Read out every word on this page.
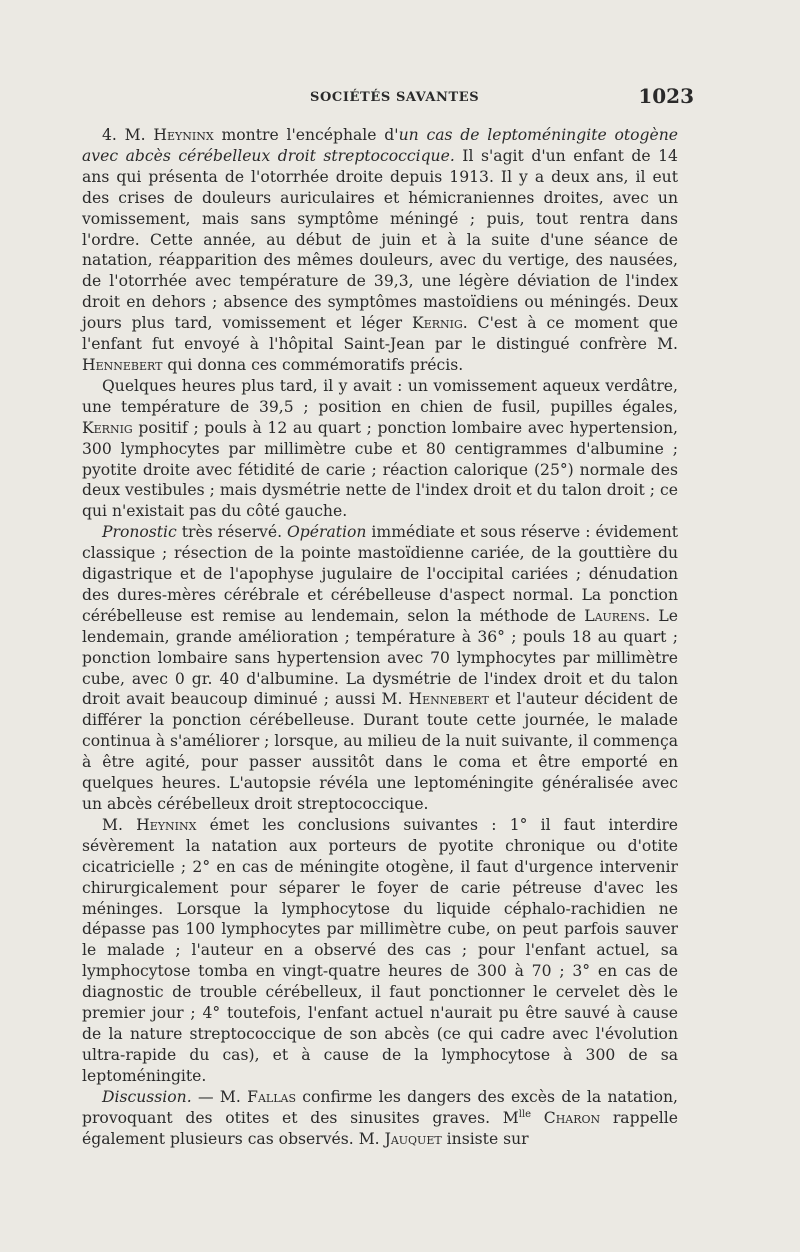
SOCIÉTÉS SAVANTES	1023

4. M. Heyninx montre l'encéphale d'un cas de leptoméningite otogène avec abcès cérébelleux droit streptococcique. Il s'agit d'un enfant de 14 ans qui présenta de l'otorrhée droite depuis 1913. Il y a deux ans, il eut des crises de douleurs auriculaires et hémicraniennes droites, avec un vomissement, mais sans symptôme méningé ; puis, tout rentra dans l'ordre. Cette année, au début de juin et à la suite d'une séance de natation, réapparition des mêmes douleurs, avec du vertige, des nausées, de l'otorrhée avec température de 39,3, une légère déviation de l'index droit en dehors ; absence des symptômes mastoïdiens ou méningés. Deux jours plus tard, vomissement et léger Kernig. C'est à ce moment que l'enfant fut envoyé à l'hôpital Saint-Jean par le distingué confrère M. Hennebert qui donna ces commémoratifs précis.

Quelques heures plus tard, il y avait : un vomissement aqueux verdâtre, une température de 39,5 ; position en chien de fusil, pupilles égales, Kernig positif ; pouls à 12 au quart ; ponction lombaire avec hypertension, 300 lymphocytes par millimètre cube et 80 centigrammes d'albumine ; pyotite droite avec fétidité de carie ; réaction calorique (25°) normale des deux vestibules ; mais dysmétrie nette de l'index droit et du talon droit ; ce qui n'existait pas du côté gauche.

Pronostic très réservé. Opération immédiate et sous réserve : évidement classique ; résection de la pointe mastoïdienne cariée, de la gouttière du digastrique et de l'apophyse jugulaire de l'occipital cariées ; dénudation des dures-mères cérébrale et cérébelleuse d'aspect normal. La ponction cérébelleuse est remise au lendemain, selon la méthode de Laurens. Le lendemain, grande amélioration ; température à 36° ; pouls 18 au quart ; ponction lombaire sans hypertension avec 70 lymphocytes par millimètre cube, avec 0 gr. 40 d'albumine. La dysmétrie de l'index droit et du talon droit avait beaucoup diminué ; aussi M. Hennebert et l'auteur décident de différer la ponction cérébelleuse. Durant toute cette journée, le malade continua à s'améliorer ; lorsque, au milieu de la nuit suivante, il commença à être agité, pour passer aussitôt dans le coma et être emporté en quelques heures. L'autopsie révéla une leptoméningite généralisée avec un abcès cérébelleux droit streptococcique.

M. Heyninx émet les conclusions suivantes : 1° il faut interdire sévèrement la natation aux porteurs de pyotite chronique ou d'otite cicatricielle ; 2° en cas de méningite otogène, il faut d'urgence intervenir chirurgicalement pour séparer le foyer de carie pétreuse d'avec les méninges. Lorsque la lymphocytose du liquide céphalo-rachidien ne dépasse pas 100 lymphocytes par millimètre cube, on peut parfois sauver le malade ; l'auteur en a observé des cas ; pour l'enfant actuel, sa lymphocytose tomba en vingt-quatre heures de 300 à 70 ; 3° en cas de diagnostic de trouble cérébelleux, il faut ponctionner le cervelet dès le premier jour ; 4° toutefois, l'enfant actuel n'aurait pu être sauvé à cause de la nature streptococcique de son abcès (ce qui cadre avec l'évolution ultra-rapide du cas), et à cause de la lymphocytose à 300 de sa leptoméningite.

Discussion. — M. Fallas confirme les dangers des excès de la natation, provoquant des otites et des sinusites graves. $M^{lle}$ Charon rappelle également plusieurs cas observés. M. Jauquet insiste sur
